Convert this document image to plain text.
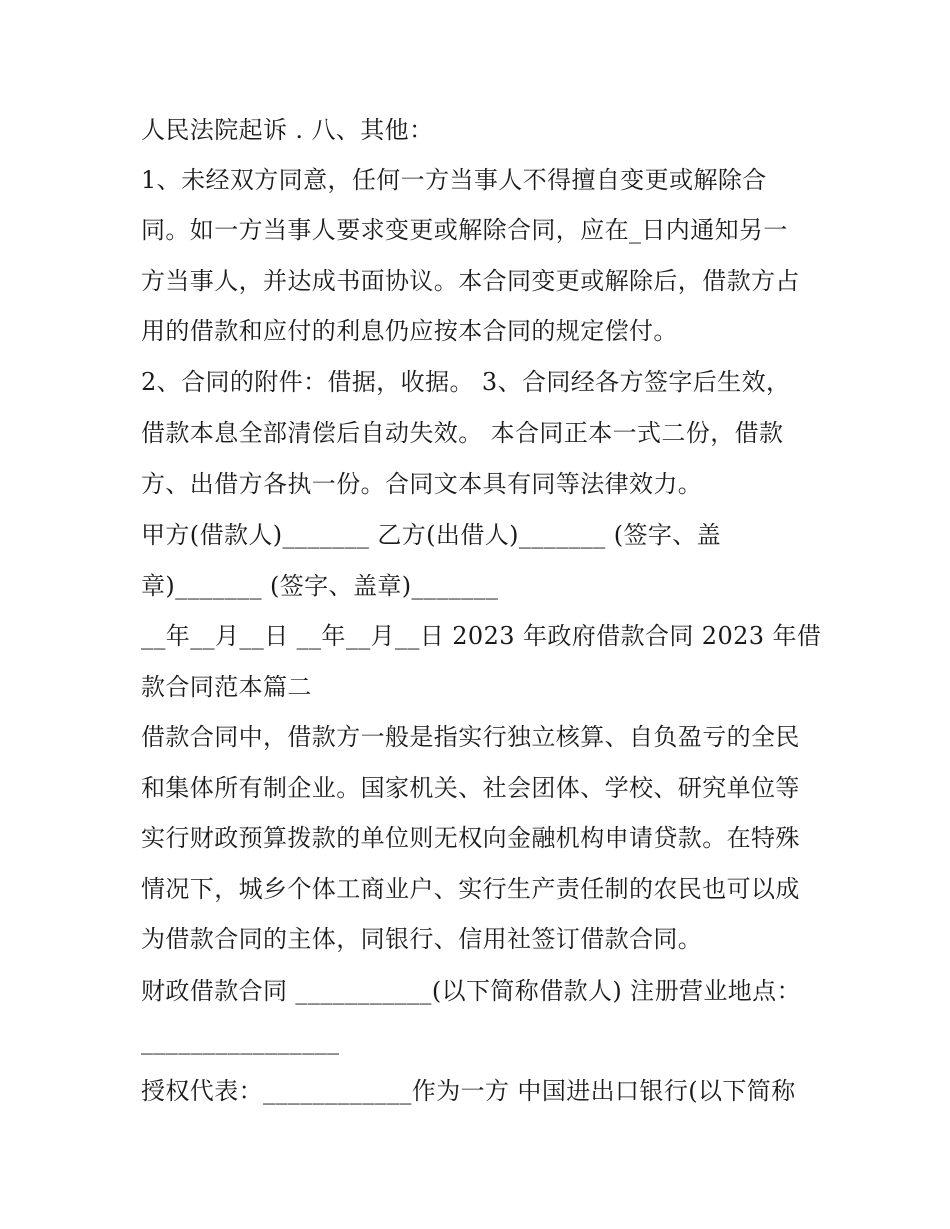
人民法院起诉 . 八、其他：

1、未经双方同意，任何一方当事人不得擅自变更或解除合

同。如一方当事人要求变更或解除合同，应在_日内通知另一

方当事人，并达成书面协议。本合同变更或解除后，借款方占

用的借款和应付的利息仍应按本合同的规定偿付。

2、合同的附件：借据，收据。 3、合同经各方签字后生效，

借款本息全部清偿后自动失效。 本合同正本一式二份，借款

方、出借方各执一份。合同文本具有同等法律效力。

甲方(借款人)_______ 乙方(出借人)_______ (签字、盖

章)_______ (签字、盖章)_______

__年__月__日 __年__月__日 2023 年政府借款合同 2023 年借

款合同范本篇二

借款合同中，借款方一般是指实行独立核算、自负盈亏的全民

和集体所有制企业。国家机关、社会团体、学校、研究单位等

实行财政预算拨款的单位则无权向金融机构申请贷款。在特殊

情况下，城乡个体工商业户、实行生产责任制的农民也可以成

为借款合同的主体，同银行、信用社签订借款合同。

财政借款合同 ___________(以下简称借款人) 注册营业地点：

________________

授权代表：____________作为一方 中国进出口银行(以下简称
